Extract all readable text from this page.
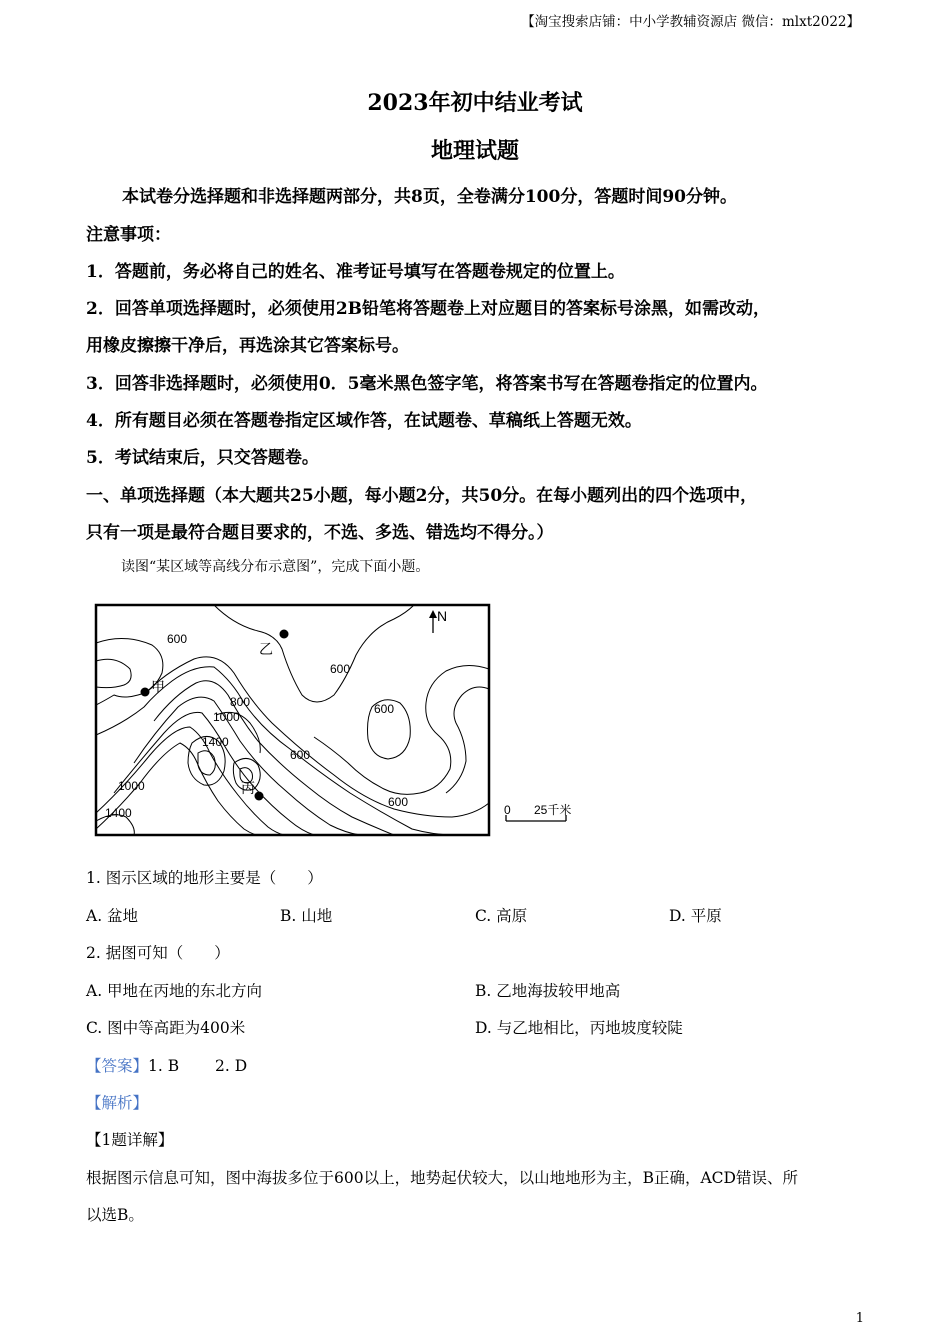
【淘宝搜索店铺：中小学教辅资源店 微信：mlxt2022】
2023年初中结业考试
地理试题
本试卷分选择题和非选择题两部分，共8页，全卷满分100分，答题时间90分钟。
注意事项：
1．答题前，务必将自己的姓名、准考证号填写在答题卷规定的位置上。
2．回答单项选择题时，必须使用2B铅笔将答题卷上对应题目的答案标号涂黑，如需改动，
用橡皮擦擦干净后，再选涂其它答案标号。
3．回答非选择题时，必须使用0．5毫米黑色签字笔，将答案书写在答题卷指定的位置内。
4．所有题目必须在答题卷指定区域作答，在试题卷、草稿纸上答题无效。
5．考试结束后，只交答题卷。
一、单项选择题（本大题共25小题，每小题2分，共50分。在每小题列出的四个选项中，
只有一项是最符合题目要求的，不选、多选、错选均不得分。）
读图“某区域等高线分布示意图”，完成下面小题。
甲
乙
丙
N
600
600
600
600
600
800
1000
1000
1400
1400	0 25千米
1. 图示区域的地形主要是（　　）
A. 盆地	B. 山地	C. 高原	D. 平原
2. 据图可知（　　）
A. 甲地在丙地的东北方向	B. 乙地海拔较甲地高
C. 图中等高距为400米	D. 与乙地相比，丙地坡度较陡
【答案】1. B　　 2. D
【解析】
【1题详解】
根据图示信息可知，图中海拔多位于600以上，地势起伏较大，以山地地形为主，B正确，ACD错误、所
以选B。
1
